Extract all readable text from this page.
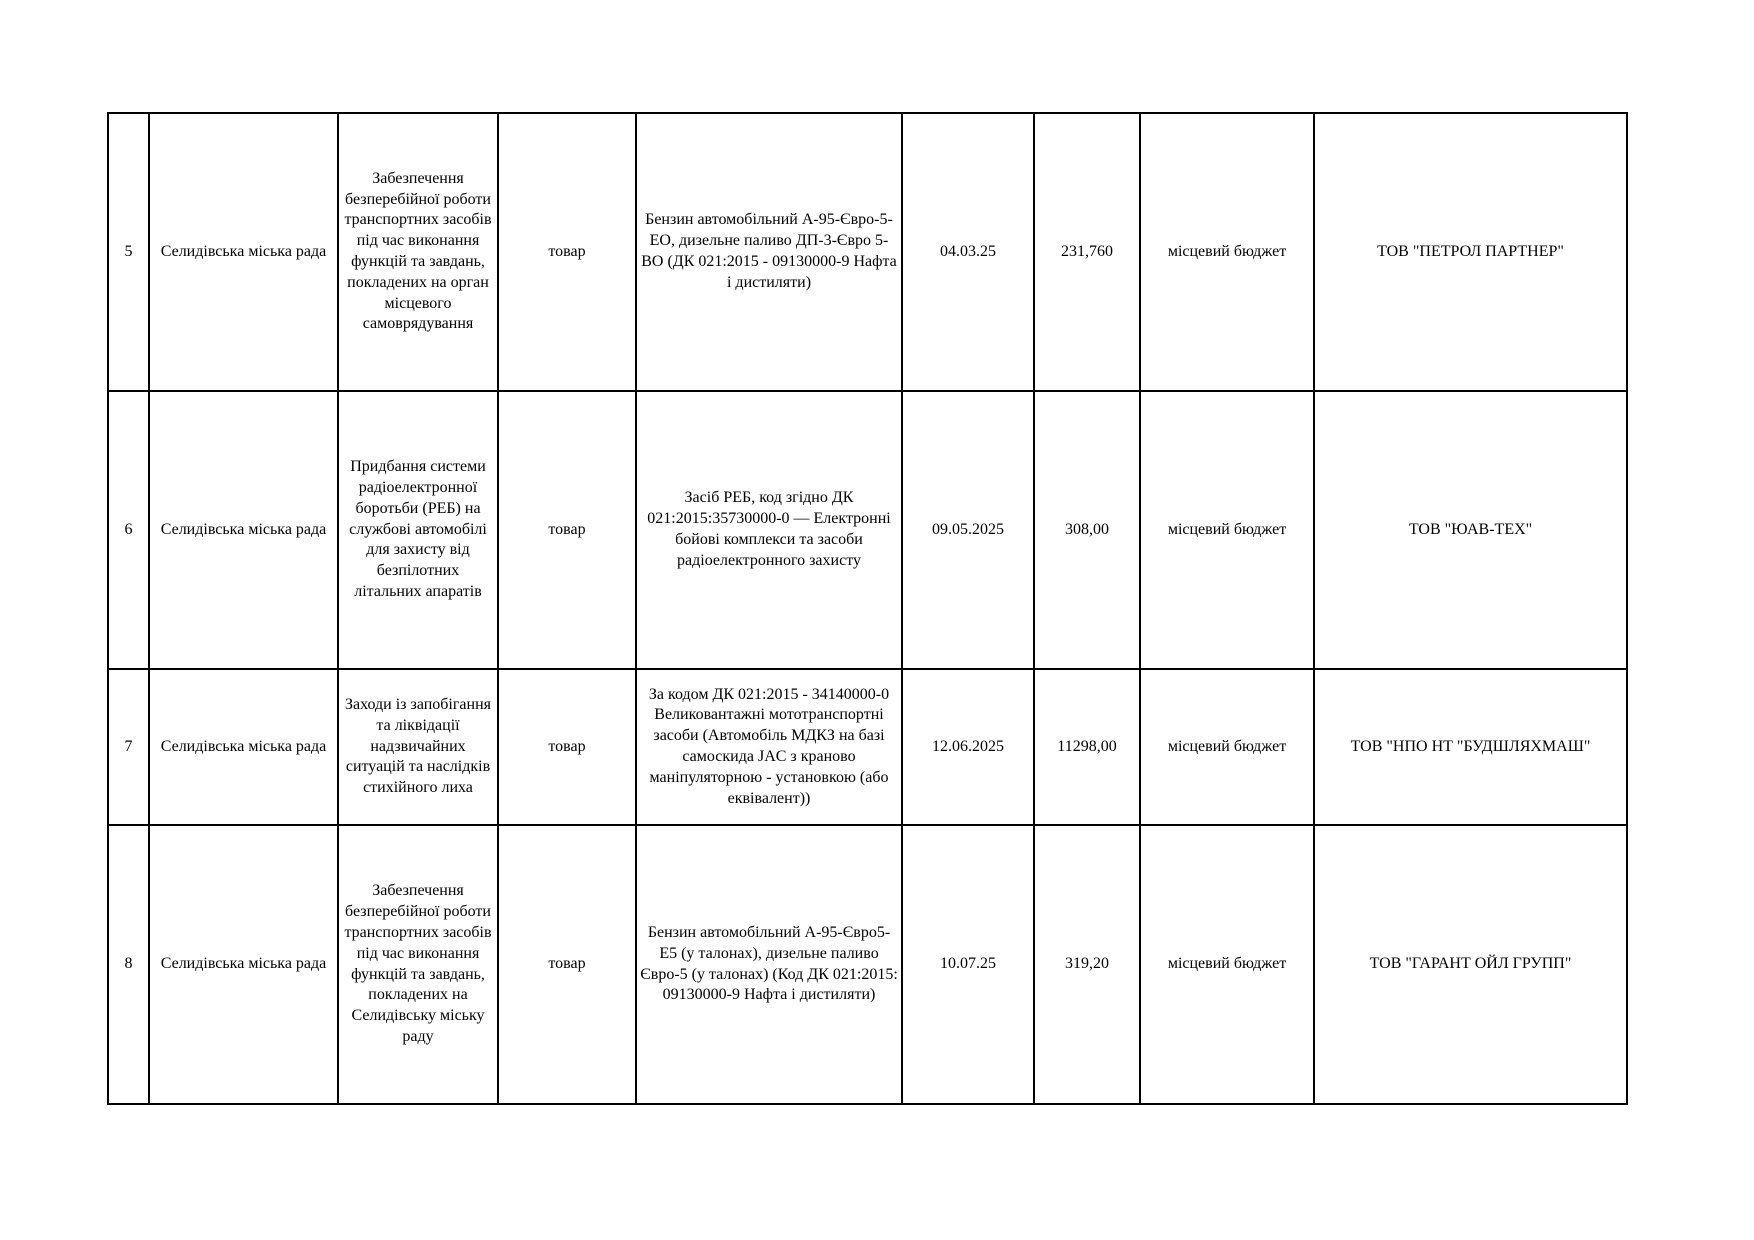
5	Селидівська міська рада	Забезпечення безперебійної роботи транспортних засобів під час виконання функцій та завдань, покладених на орган місцевого самоврядування	товар	Бензин автомобільний А-95-Євро-5-ЕО, дизельне паливо ДП-3-Євро 5-ВО (ДК 021:2015 - 09130000-9 Нафта і дистиляти)	04.03.25	231,760	місцевий бюджет	ТОВ "ПЕТРОЛ ПАРТНЕР"
6	Селидівська міська рада	Придбання системи радіоелектронної боротьби (РЕБ) на службові автомобілі для захисту від безпілотних літальних апаратів	товар	Засіб РЕБ, код згідно ДК 021:2015:35730000-0 — Електронні бойові комплекси та засоби радіоелектронного захисту	09.05.2025	308,00	місцевий бюджет	ТОВ "ЮАВ-ТЕХ"
7	Селидівська міська рада	Заходи із запобігання та ліквідації надзвичайних ситуацій та наслідків стихійного лиха	товар	За кодом ДК 021:2015 - 34140000-0 Великовантажні мототранспортні засоби (Автомобіль МДКЗ на базі самоскида JAC з краново маніпуляторною - установкою (або еквівалент))	12.06.2025	11298,00	місцевий бюджет	ТОВ "НПО НТ "БУДШЛЯХМАШ"
8	Селидівська міська рада	Забезпечення безперебійної роботи транспортних засобів під час виконання функцій та завдань, покладених на Селидівську міську раду	товар	Бензин автомобільний А-95-Євро5-Е5 (у талонах), дизельне паливо Євро-5 (у талонах) (Код ДК 021:2015: 09130000-9 Нафта і дистиляти)	10.07.25	319,20	місцевий бюджет	ТОВ "ГАРАНТ ОЙЛ ГРУПП"
